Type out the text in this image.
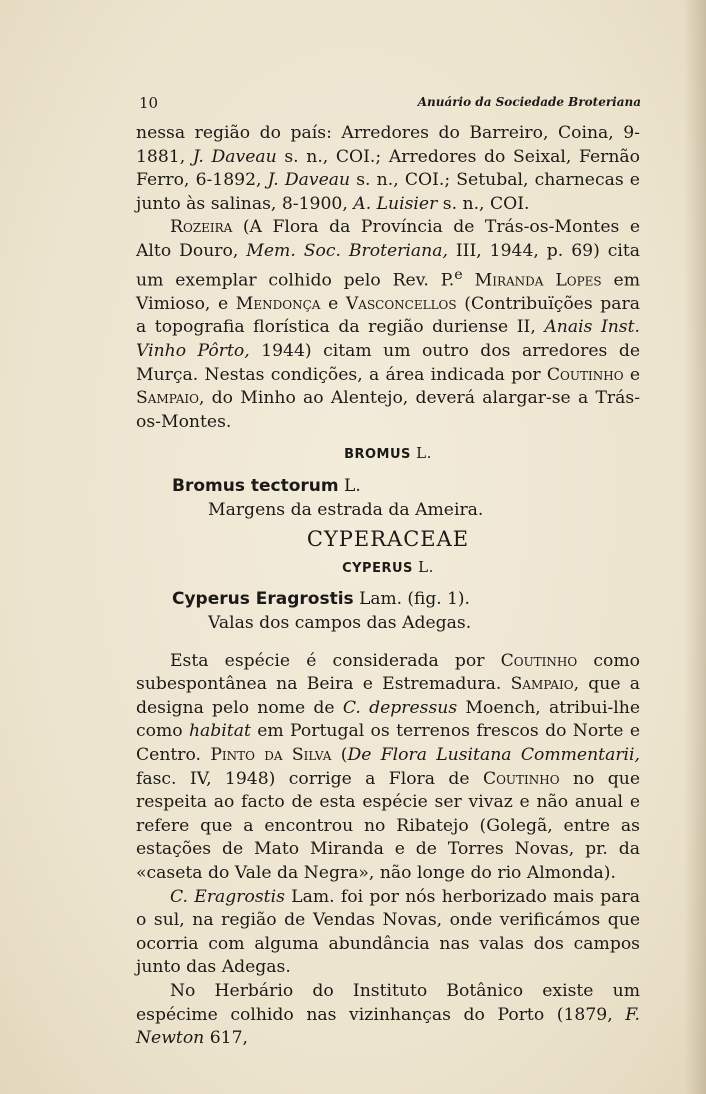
10	Anuário da Sociedade Broteriana

nessa região do país: Arredores do Barreiro, Coina, 9-1881, J. Daveau s. n., COI.; Arredores do Seixal, Fernão Ferro, 6-1892, J. Daveau s. n., COI.; Setubal, charnecas e junto às salinas, 8-1900, A. Luisier s. n., COI.

Rozeira (A Flora da Província de Trás-os-Montes e Alto Douro, Mem. Soc. Broteriana, III, 1944, p. 69) cita um exemplar colhido pelo Rev. P.$^e$ Miranda Lopes em Vimioso, e Mendonça e Vasconcellos (Contribuïções para a topografia florística da região duriense II, Anais Inst. Vinho Pôrto, 1944) citam um outro dos arredores de Murça. Nestas condições, a área indicada por Coutinho e Sampaio, do Minho ao Alentejo, deverá alargar-se a Trás-os-Montes.

BROMUS L.
Bromus tectorum L.
Margens da estrada da Ameira.
CYPERACEAE
CYPERUS L.
Cyperus Eragrostis Lam. (fig. 1).
Valas dos campos das Adegas.

Esta espécie é considerada por Coutinho como subespontânea na Beira e Estremadura. Sampaio, que a designa pelo nome de C. depressus Moench, atribui-lhe como habitat em Portugal os terrenos frescos do Norte e Centro. Pinto da Silva (De Flora Lusitana Commentarii, fasc. IV, 1948) corrige a Flora de Coutinho no que respeita ao facto de esta espécie ser vivaz e não anual e refere que a encontrou no Ribatejo (Golegã, entre as estações de Mato Miranda e de Torres Novas, pr. da «caseta do Vale da Negra», não longe do rio Almonda).

C. Eragrostis Lam. foi por nós herborizado mais para o sul, na região de Vendas Novas, onde verificámos que ocorria com alguma abundância nas valas dos campos junto das Adegas.

No Herbário do Instituto Botânico existe um espécime colhido nas vizinhanças do Porto (1879, F. Newton 617,
